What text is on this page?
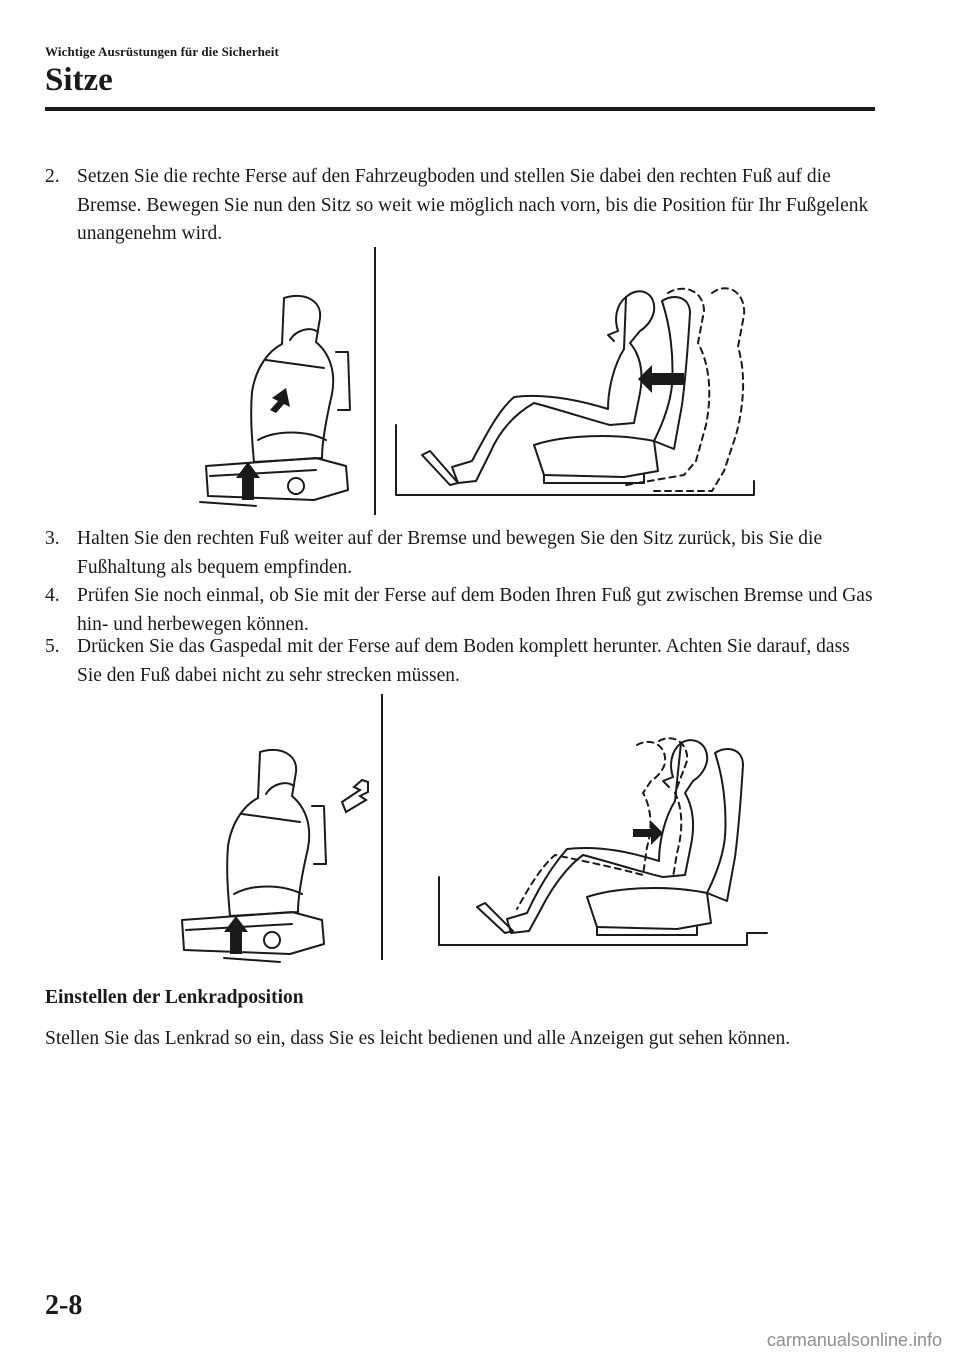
Wichtige Ausrüstungen für die Sicherheit
Sitze
2. Setzen Sie die rechte Ferse auf den Fahrzeugboden und stellen Sie dabei den rechten Fuß auf die Bremse. Bewegen Sie nun den Sitz so weit wie möglich nach vorn, bis die Position für Ihr Fußgelenk unangenehm wird.
3. Halten Sie den rechten Fuß weiter auf der Bremse und bewegen Sie den Sitz zurück, bis Sie die Fußhaltung als bequem empfinden.
4. Prüfen Sie noch einmal, ob Sie mit der Ferse auf dem Boden Ihren Fuß gut zwischen Bremse und Gas hin- und herbewegen können.
5. Drücken Sie das Gaspedal mit der Ferse auf dem Boden komplett herunter. Achten Sie darauf, dass Sie den Fuß dabei nicht zu sehr strecken müssen.
Einstellen der Lenkradposition

Stellen Sie das Lenkrad so ein, dass Sie es leicht bedienen und alle Anzeigen gut sehen können.

2-8
carmanualsonline.info
